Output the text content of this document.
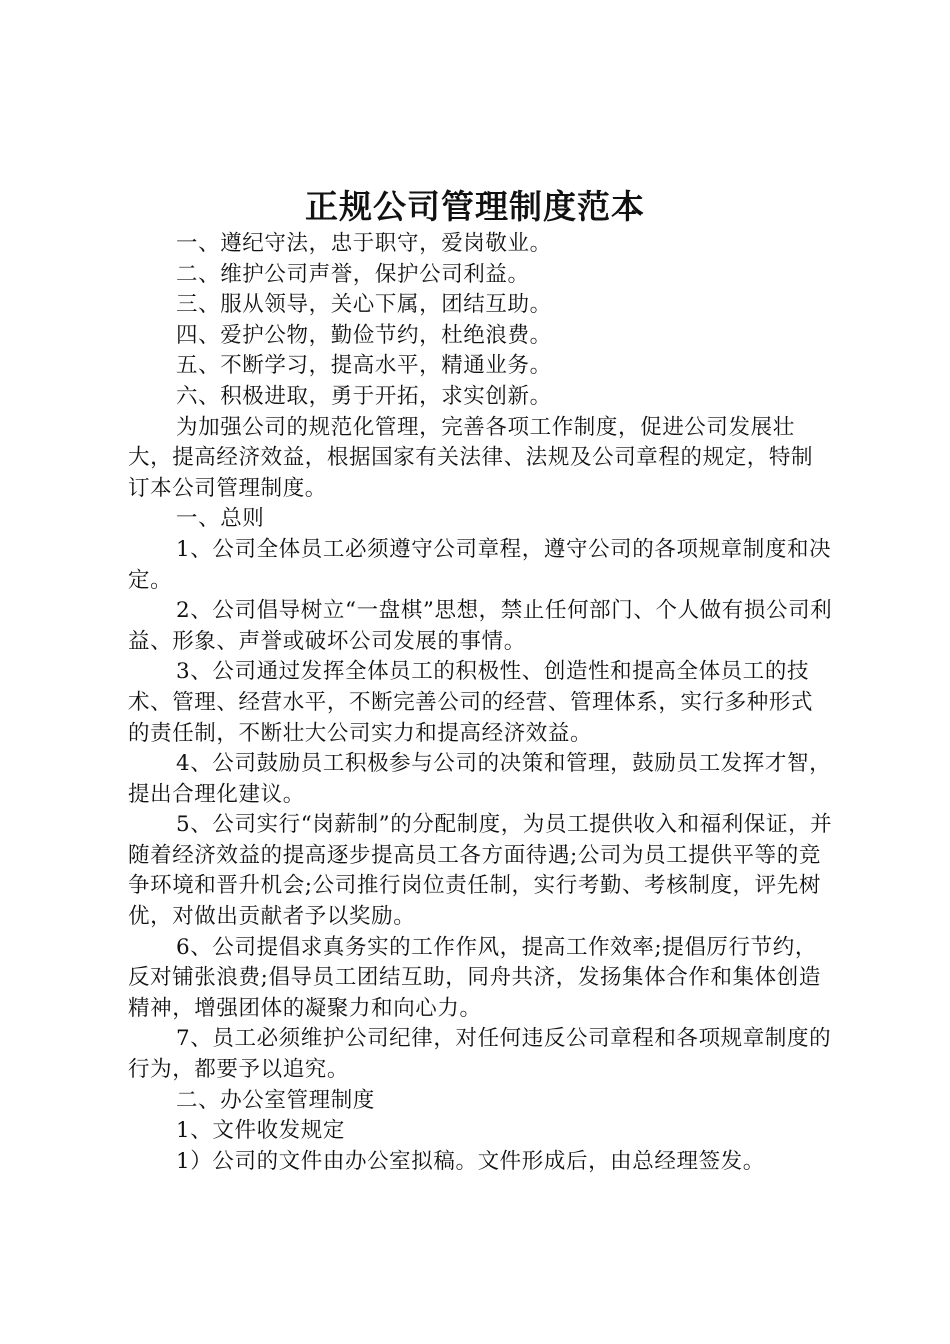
正规公司管理制度范本

一、遵纪守法，忠于职守，爱岗敬业。

二、维护公司声誉，保护公司利益。

三、服从领导，关心下属，团结互助。

四、爱护公物，勤俭节约，杜绝浪费。

五、不断学习，提高水平，精通业务。

六、积极进取，勇于开拓，求实创新。

为加强公司的规范化管理，完善各项工作制度，促进公司发展壮大，提高经济效益，根据国家有关法律、法规及公司章程的规定，特制订本公司管理制度。

一、总则

1、公司全体员工必须遵守公司章程，遵守公司的各项规章制度和决定。

2、公司倡导树立“一盘棋”思想，禁止任何部门、个人做有损公司利益、形象、声誉或破坏公司发展的事情。

3、公司通过发挥全体员工的积极性、创造性和提高全体员工的技术、管理、经营水平，不断完善公司的经营、管理体系，实行多种形式的责任制，不断壮大公司实力和提高经济效益。

4、公司鼓励员工积极参与公司的决策和管理，鼓励员工发挥才智，提出合理化建议。

5、公司实行“岗薪制”的分配制度，为员工提供收入和福利保证，并随着经济效益的提高逐步提高员工各方面待遇;公司为员工提供平等的竞争环境和晋升机会;公司推行岗位责任制，实行考勤、考核制度，评先树优，对做出贡献者予以奖励。

6、公司提倡求真务实的工作作风，提高工作效率;提倡厉行节约，反对铺张浪费;倡导员工团结互助，同舟共济，发扬集体合作和集体创造精神，增强团体的凝聚力和向心力。

7、员工必须维护公司纪律，对任何违反公司章程和各项规章制度的行为，都要予以追究。

二、办公室管理制度

1、文件收发规定

1）公司的文件由办公室拟稿。文件形成后，由总经理签发。
